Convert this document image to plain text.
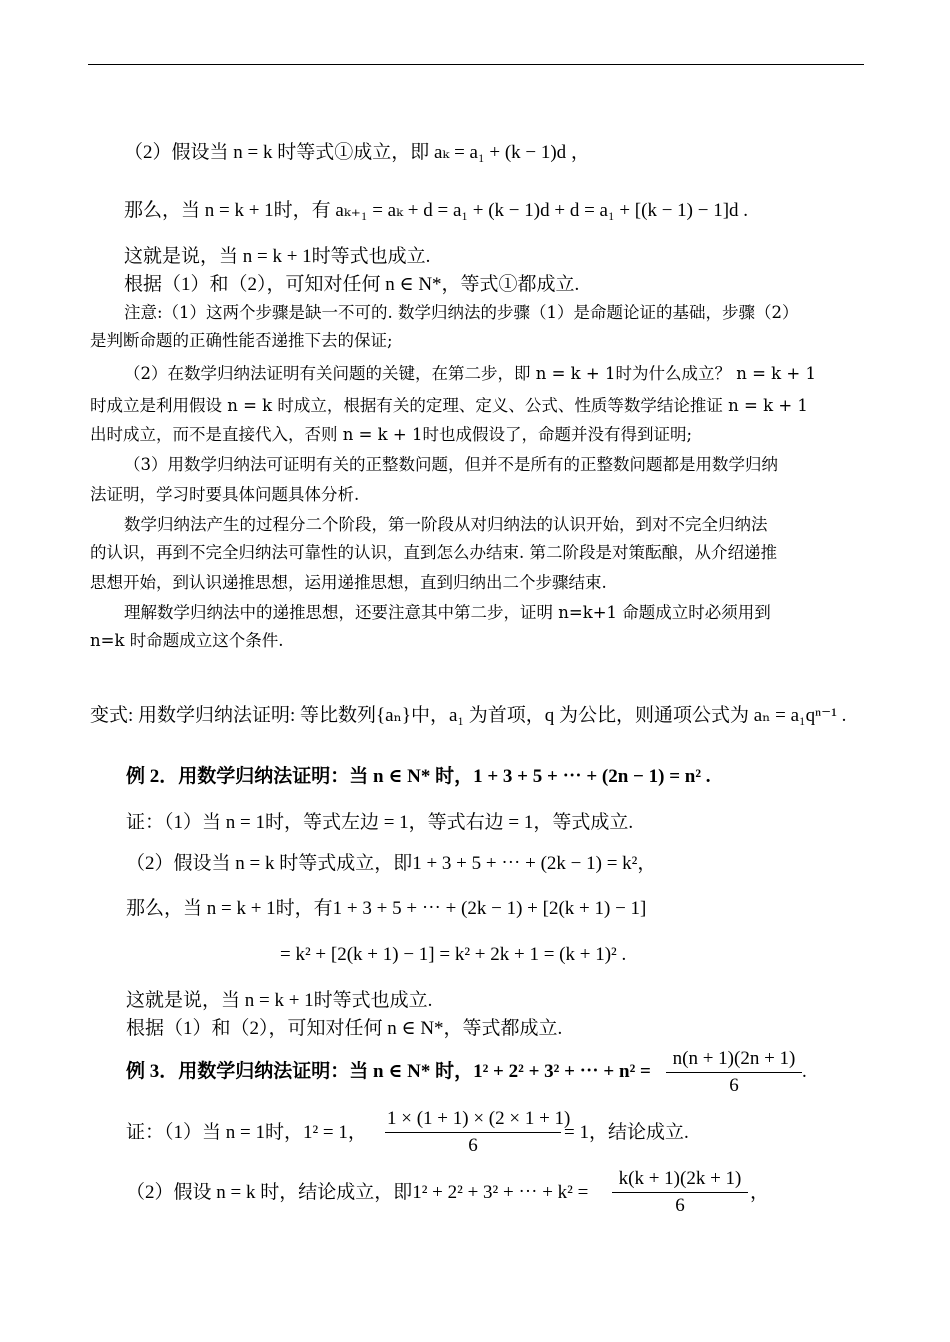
（2）假设当 n = k 时等式①成立，即 aₖ = a₁ + (k − 1)d ，
那么，当 n = k + 1时，有 aₖ₊₁ = aₖ + d = a₁ + (k − 1)d + d = a₁ + [(k − 1) − 1]d .
这就是说，当 n = k + 1时等式也成立.
根据（1）和（2），可知对任何 n ∈ N*，等式①都成立.
注意:（1）这两个步骤是缺一不可的. 数学归纳法的步骤（1）是命题论证的基础，步骤（2）
是判断命题的正确性能否递推下去的保证;
（2）在数学归纳法证明有关问题的关键，在第二步，即 n = k + 1时为什么成立？ n = k + 1
时成立是利用假设 n = k 时成立，根据有关的定理、定义、公式、性质等数学结论推证 n = k + 1
出时成立，而不是直接代入，否则 n = k + 1时也成假设了，命题并没有得到证明;
（3）用数学归纳法可证明有关的正整数问题，但并不是所有的正整数问题都是用数学归纳
法证明，学习时要具体问题具体分析.
数学归纳法产生的过程分二个阶段，第一阶段从对归纳法的认识开始，到对不完全归纳法
的认识，再到不完全归纳法可靠性的认识，直到怎么办结束. 第二阶段是对策酝酿，从介绍递推
思想开始，到认识递推思想，运用递推思想，直到归纳出二个步骤结束.
理解数学归纳法中的递推思想，还要注意其中第二步，证明 n=k+1 命题成立时必须用到
n=k 时命题成立这个条件.
变式: 用数学归纳法证明: 等比数列{aₙ}中，a₁ 为首项，q 为公比，则通项公式为 aₙ = a₁qⁿ⁻¹ .
例 2．用数学归纳法证明：当 n ∈ N* 时，1 + 3 + 5 + ⋯ + (2n − 1) = n² .
证：（1）当 n = 1时，等式左边 = 1，等式右边 = 1，等式成立.
（2）假设当 n = k 时等式成立，即1 + 3 + 5 + ⋯ + (2k − 1) = k²，
那么，当 n = k + 1时，有1 + 3 + 5 + ⋯ + (2k − 1) + [2(k + 1) − 1]
= k² + [2(k + 1) − 1] = k² + 2k + 1 = (k + 1)² .
这就是说，当 n = k + 1时等式也成立.
根据（1）和（2），可知对任何 n ∈ N*，等式都成立.
例 3．用数学归纳法证明：当 n ∈ N* 时，1² + 2² + 3² + ⋯ + $n^2 = \frac{n(n + 1)(2n + 1)}{6}$ .
证：（1）当 n = 1时，1² = 1， $\frac{1 \times (1 + 1) \times (2 \times 1 + 1)}{6} = 1$，结论成立.
（2）假设 n = k 时，结论成立，即1² + 2² + 3² + ⋯ + $k^2 = \frac{k(k + 1)(2k + 1)}{6}$ ，
